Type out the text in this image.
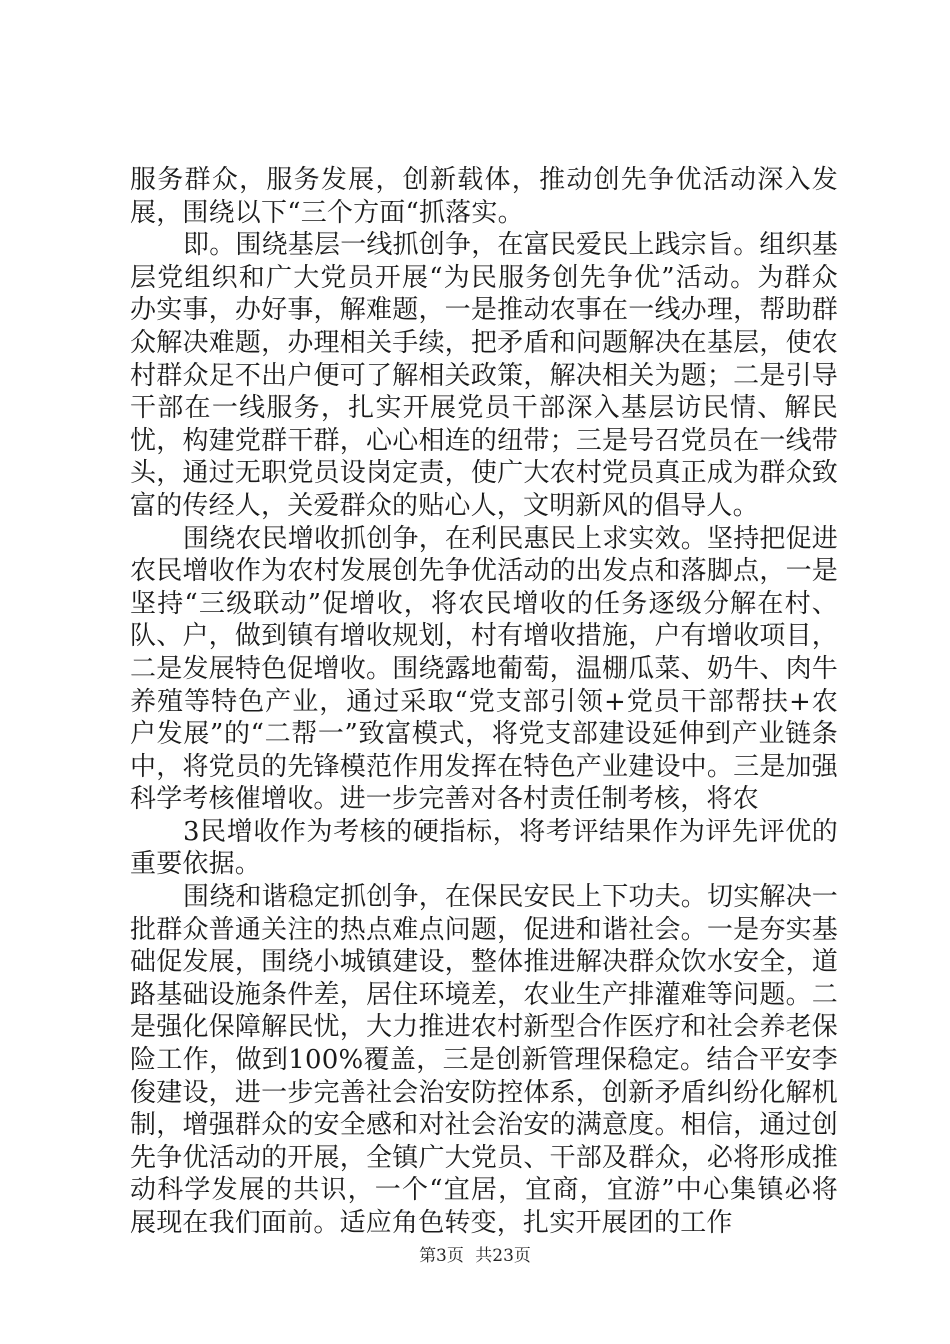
服务群众，服务发展，创新载体，推动创先争优活动深入发展，围绕以下“三个方面“抓落实。

即。围绕基层一线抓创争，在富民爱民上践宗旨。组织基层党组织和广大党员开展“为民服务创先争优”活动。为群众办实事，办好事，解难题，一是推动农事在一线办理，帮助群众解决难题，办理相关手续，把矛盾和问题解决在基层，使农村群众足不出户便可了解相关政策，解决相关为题；二是引导干部在一线服务，扎实开展党员干部深入基层访民情、解民忧，构建党群干群，心心相连的纽带；三是号召党员在一线带头，通过无职党员设岗定责，使广大农村党员真正成为群众致富的传经人，关爱群众的贴心人，文明新风的倡导人。

围绕农民增收抓创争，在利民惠民上求实效。坚持把促进农民增收作为农村发展创先争优活动的出发点和落脚点，一是坚持“三级联动”促增收，将农民增收的任务逐级分解在村、队、户，做到镇有增收规划，村有增收措施，户有增收项目，二是发展特色促增收。围绕露地葡萄，温棚瓜菜、奶牛、肉牛养殖等特色产业，通过采取“党支部引领+党员干部帮扶+农户发展”的“二帮一”致富模式，将党支部建设延伸到产业链条中，将党员的先锋模范作用发挥在特色产业建设中。三是加强科学考核催增收。进一步完善对各村责任制考核，将农

3民增收作为考核的硬指标，将考评结果作为评先评优的重要依据。

围绕和谐稳定抓创争，在保民安民上下功夫。切实解决一批群众普通关注的热点难点问题，促进和谐社会。一是夯实基础促发展，围绕小城镇建设，整体推进解决群众饮水安全，道路基础设施条件差，居住环境差，农业生产排灌难等问题。二是强化保障解民忧，大力推进农村新型合作医疗和社会养老保险工作，做到100%覆盖，三是创新管理保稳定。结合平安李俊建设，进一步完善社会治安防控体系，创新矛盾纠纷化解机制，增强群众的安全感和对社会治安的满意度。相信，通过创先争优活动的开展，全镇广大党员、干部及群众，必将形成推动科学发展的共识，一个“宜居，宜商，宜游”中心集镇必将展现在我们面前。适应角色转变，扎实开展团的工作

第3页 共23页
